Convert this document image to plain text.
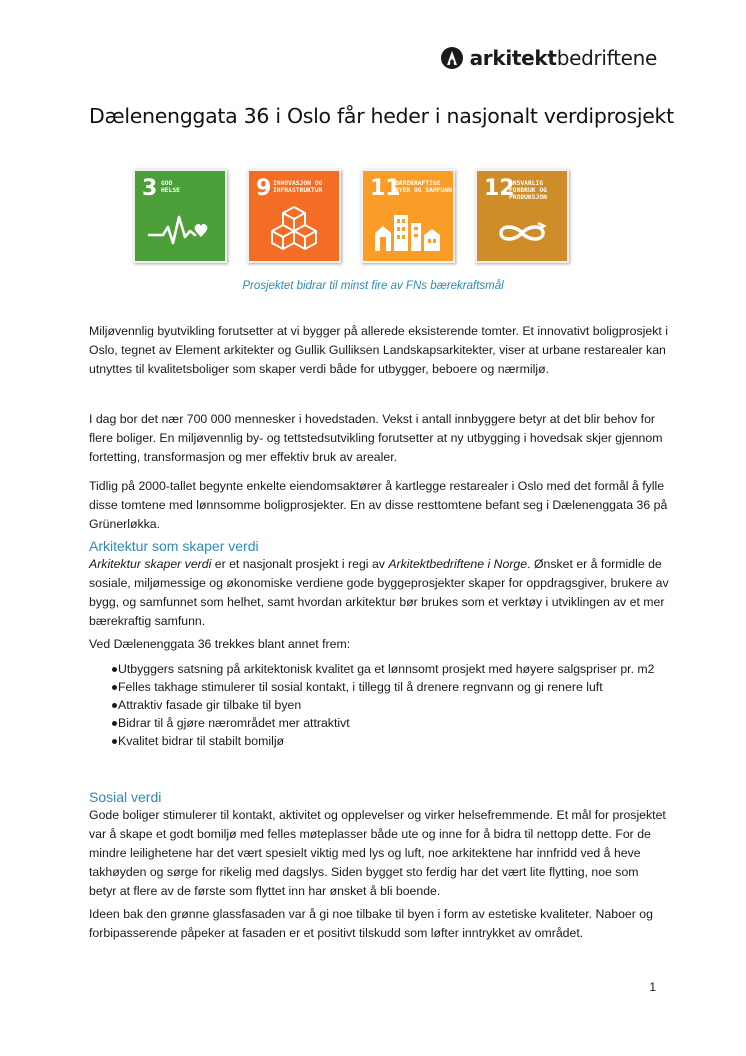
arkitekt bedriftene
Dælenenggata 36 i Oslo får heder i nasjonalt verdiprosjekt
3 GOD
HELSE	9 INNOVASJON OG
INFRASTRUKTUR 11
BÆREKRAFTIGE
BYER OG SAMFUNN 12
ANSVARLIG
FORBRUK OG
PRODUKSJON
Prosjektet bidrar til minst fire av FNs bærekraftsmål

Miljøvennlig byutvikling forutsetter at vi bygger på allerede eksisterende tomter. Et innovativt boligprosjekt i Oslo, tegnet av Element arkitekter og Gullik Gulliksen Landskapsarkitekter, viser at urbane restarealer kan utnyttes til kvalitetsboliger som skaper verdi både for utbygger, beboere og nærmiljø.

I dag bor det nær 700 000 mennesker i hovedstaden. Vekst i antall innbyggere betyr at det blir behov for flere boliger. En miljøvennlig by- og tettstedsutvikling forutsetter at ny utbygging i hovedsak skjer gjennom fortetting, transformasjon og mer effektiv bruk av arealer.

Tidlig på 2000-tallet begynte enkelte eiendomsaktører å kartlegge restarealer i Oslo med det formål å fylle disse tomtene med lønnsomme boligprosjekter. En av disse resttomtene befant seg i Dælenenggata 36 på Grünerløkka.

Arkitektur som skaper verdi

Arkitektur skaper verdi er et nasjonalt prosjekt i regi av Arkitektbedriftene i Norge. Ønsket er å formidle de sosiale, miljømessige og økonomiske verdiene gode byggeprosjekter skaper for oppdragsgiver, brukere av bygg, og samfunnet som helhet, samt hvordan arkitektur bør brukes som et verktøy i utviklingen av et mer bærekraftig samfunn.

Ved Dælenenggata 36 trekkes blant annet frem:

Utbyggers satsning på arkitektonisk kvalitet ga et lønnsomt prosjekt med høyere salgspriser pr. m2
Felles takhage stimulerer til sosial kontakt, i tillegg til å drenere regnvann og gi renere luft
Attraktiv fasade gir tilbake til byen
Bidrar til å gjøre nærområdet mer attraktivt
Kvalitet bidrar til stabilt bomiljø
Sosial verdi

Gode boliger stimulerer til kontakt, aktivitet og opplevelser og virker helsefremmende. Et mål for prosjektet var å skape et godt bomiljø med felles møteplasser både ute og inne for å bidra til nettopp dette. For de mindre leilighetene har det vært spesielt viktig med lys og luft, noe arkitektene har innfridd ved å heve takhøyden og sørge for rikelig med dagslys. Siden bygget sto ferdig har det vært lite flytting, noe som betyr at flere av de første som flyttet inn har ønsket å bli boende.

Ideen bak den grønne glassfasaden var å gi noe tilbake til byen i form av estetiske kvaliteter. Naboer og forbipasserende påpeker at fasaden er et positivt tilskudd som løfter inntrykket av området.

1
